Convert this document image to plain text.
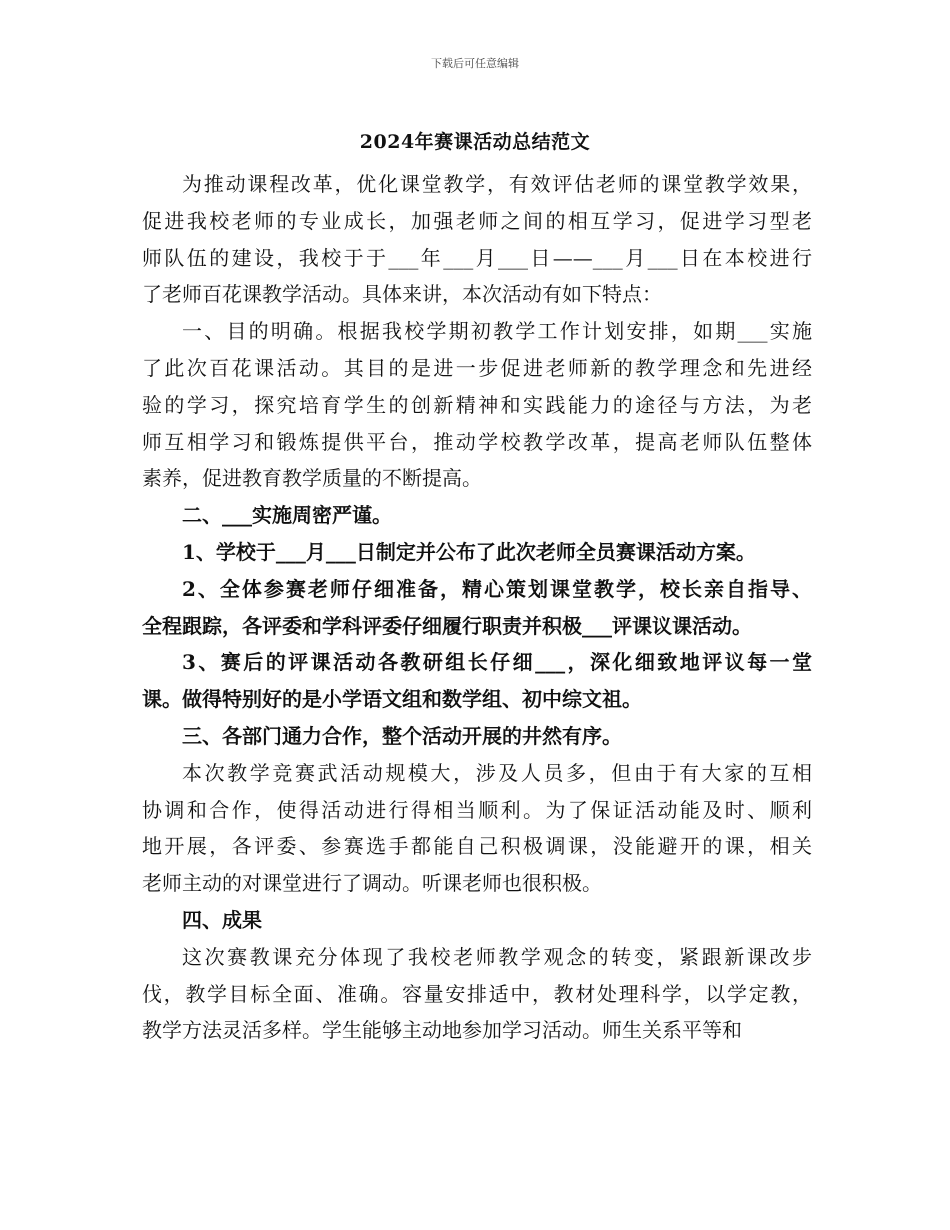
下载后可任意编辑
2024年赛课活动总结范文

为推动课程改革，优化课堂教学，有效评估老师的课堂教学效果，

促进我校老师的专业成长，加强老师之间的相互学习，促进学习型老

师队伍的建设，我校于于___年___月___日——___月___日在本校进行

了老师百花课教学活动。具体来讲，本次活动有如下特点：

一、目的明确。根据我校学期初教学工作计划安排，如期___实施

了此次百花课活动。其目的是进一步促进老师新的教学理念和先进经

验的学习，探究培育学生的创新精神和实践能力的途径与方法，为老

师互相学习和锻炼提供平台，推动学校教学改革，提高老师队伍整体

素养，促进教育教学质量的不断提高。

二、___实施周密严谨。

1、学校于___月___日制定并公布了此次老师全员赛课活动方案。

2、全体参赛老师仔细准备，精心策划课堂教学，校长亲自指导、

全程跟踪，各评委和学科评委仔细履行职责并积极___评课议课活动。

3、赛后的评课活动各教研组长仔细___，深化细致地评议每一堂

课。做得特别好的是小学语文组和数学组、初中综文祖。

三、各部门通力合作，整个活动开展的井然有序。

本次教学竞赛武活动规模大，涉及人员多，但由于有大家的互相

协调和合作，使得活动进行得相当顺利。为了保证活动能及时、顺利

地开展，各评委、参赛选手都能自己积极调课，没能避开的课，相关

老师主动的对课堂进行了调动。听课老师也很积极。

四、成果

这次赛教课充分体现了我校老师教学观念的转变，紧跟新课改步

伐，教学目标全面、准确。容量安排适中，教材处理科学，以学定教，

教学方法灵活多样。学生能够主动地参加学习活动。师生关系平等和
